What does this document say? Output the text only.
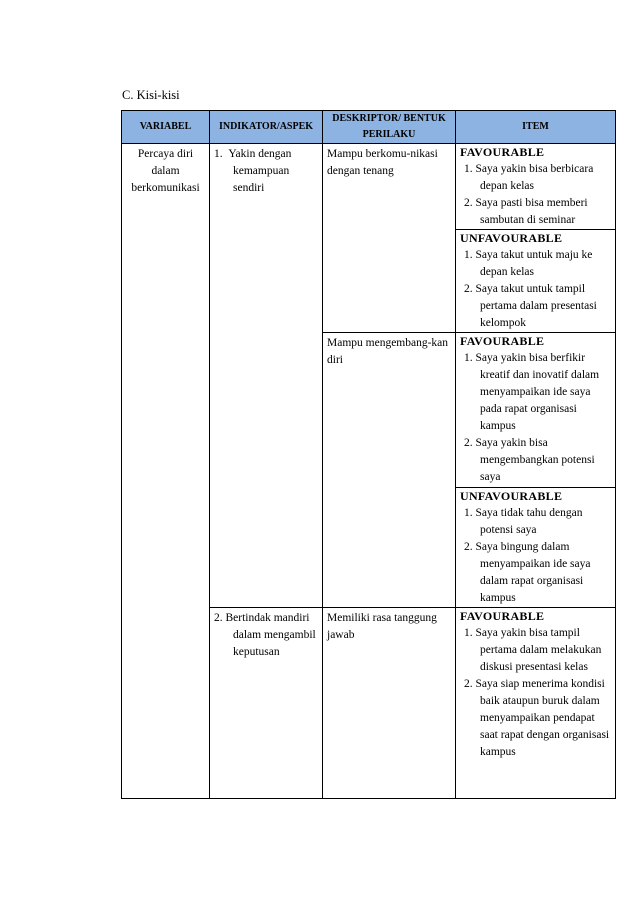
C. Kisi-kisi
VARIABEL	INDIKATOR/ASPEK	DESKRIPTOR/ BENTUK PERILAKU	ITEM
Percaya diri dalam berkomunikasi	1. Yakin dengan kemampuan sendiri	Mampu berkomu-nikasi dengan tenang	FAVOURABLE
1. Saya yakin bisa berbicara depan kelas
2. Saya pasti bisa memberi sambutan di seminar

			UNFAVOURABLE
1. Saya takut untuk maju ke depan kelas
2. Saya takut untuk tampil pertama dalam presentasi kelompok

		Mampu mengembang-kan diri	FAVOURABLE
1. Saya yakin bisa berfikir kreatif dan inovatif dalam menyampaikan ide saya pada rapat organisasi kampus
2. Saya yakin bisa mengembangkan potensi saya

			UNFAVOURABLE
1. Saya tidak tahu dengan potensi saya
2. Saya bingung dalam menyampaikan ide saya dalam rapat organisasi kampus

	2. Bertindak mandiri dalam mengambil keputusan	Memiliki rasa tanggung jawab	FAVOURABLE
1. Saya yakin bisa tampil pertama dalam melakukan diskusi presentasi kelas
2. Saya siap menerima kondisi baik ataupun buruk dalam menyampaikan pendapat saat rapat dengan organisasi kampus
